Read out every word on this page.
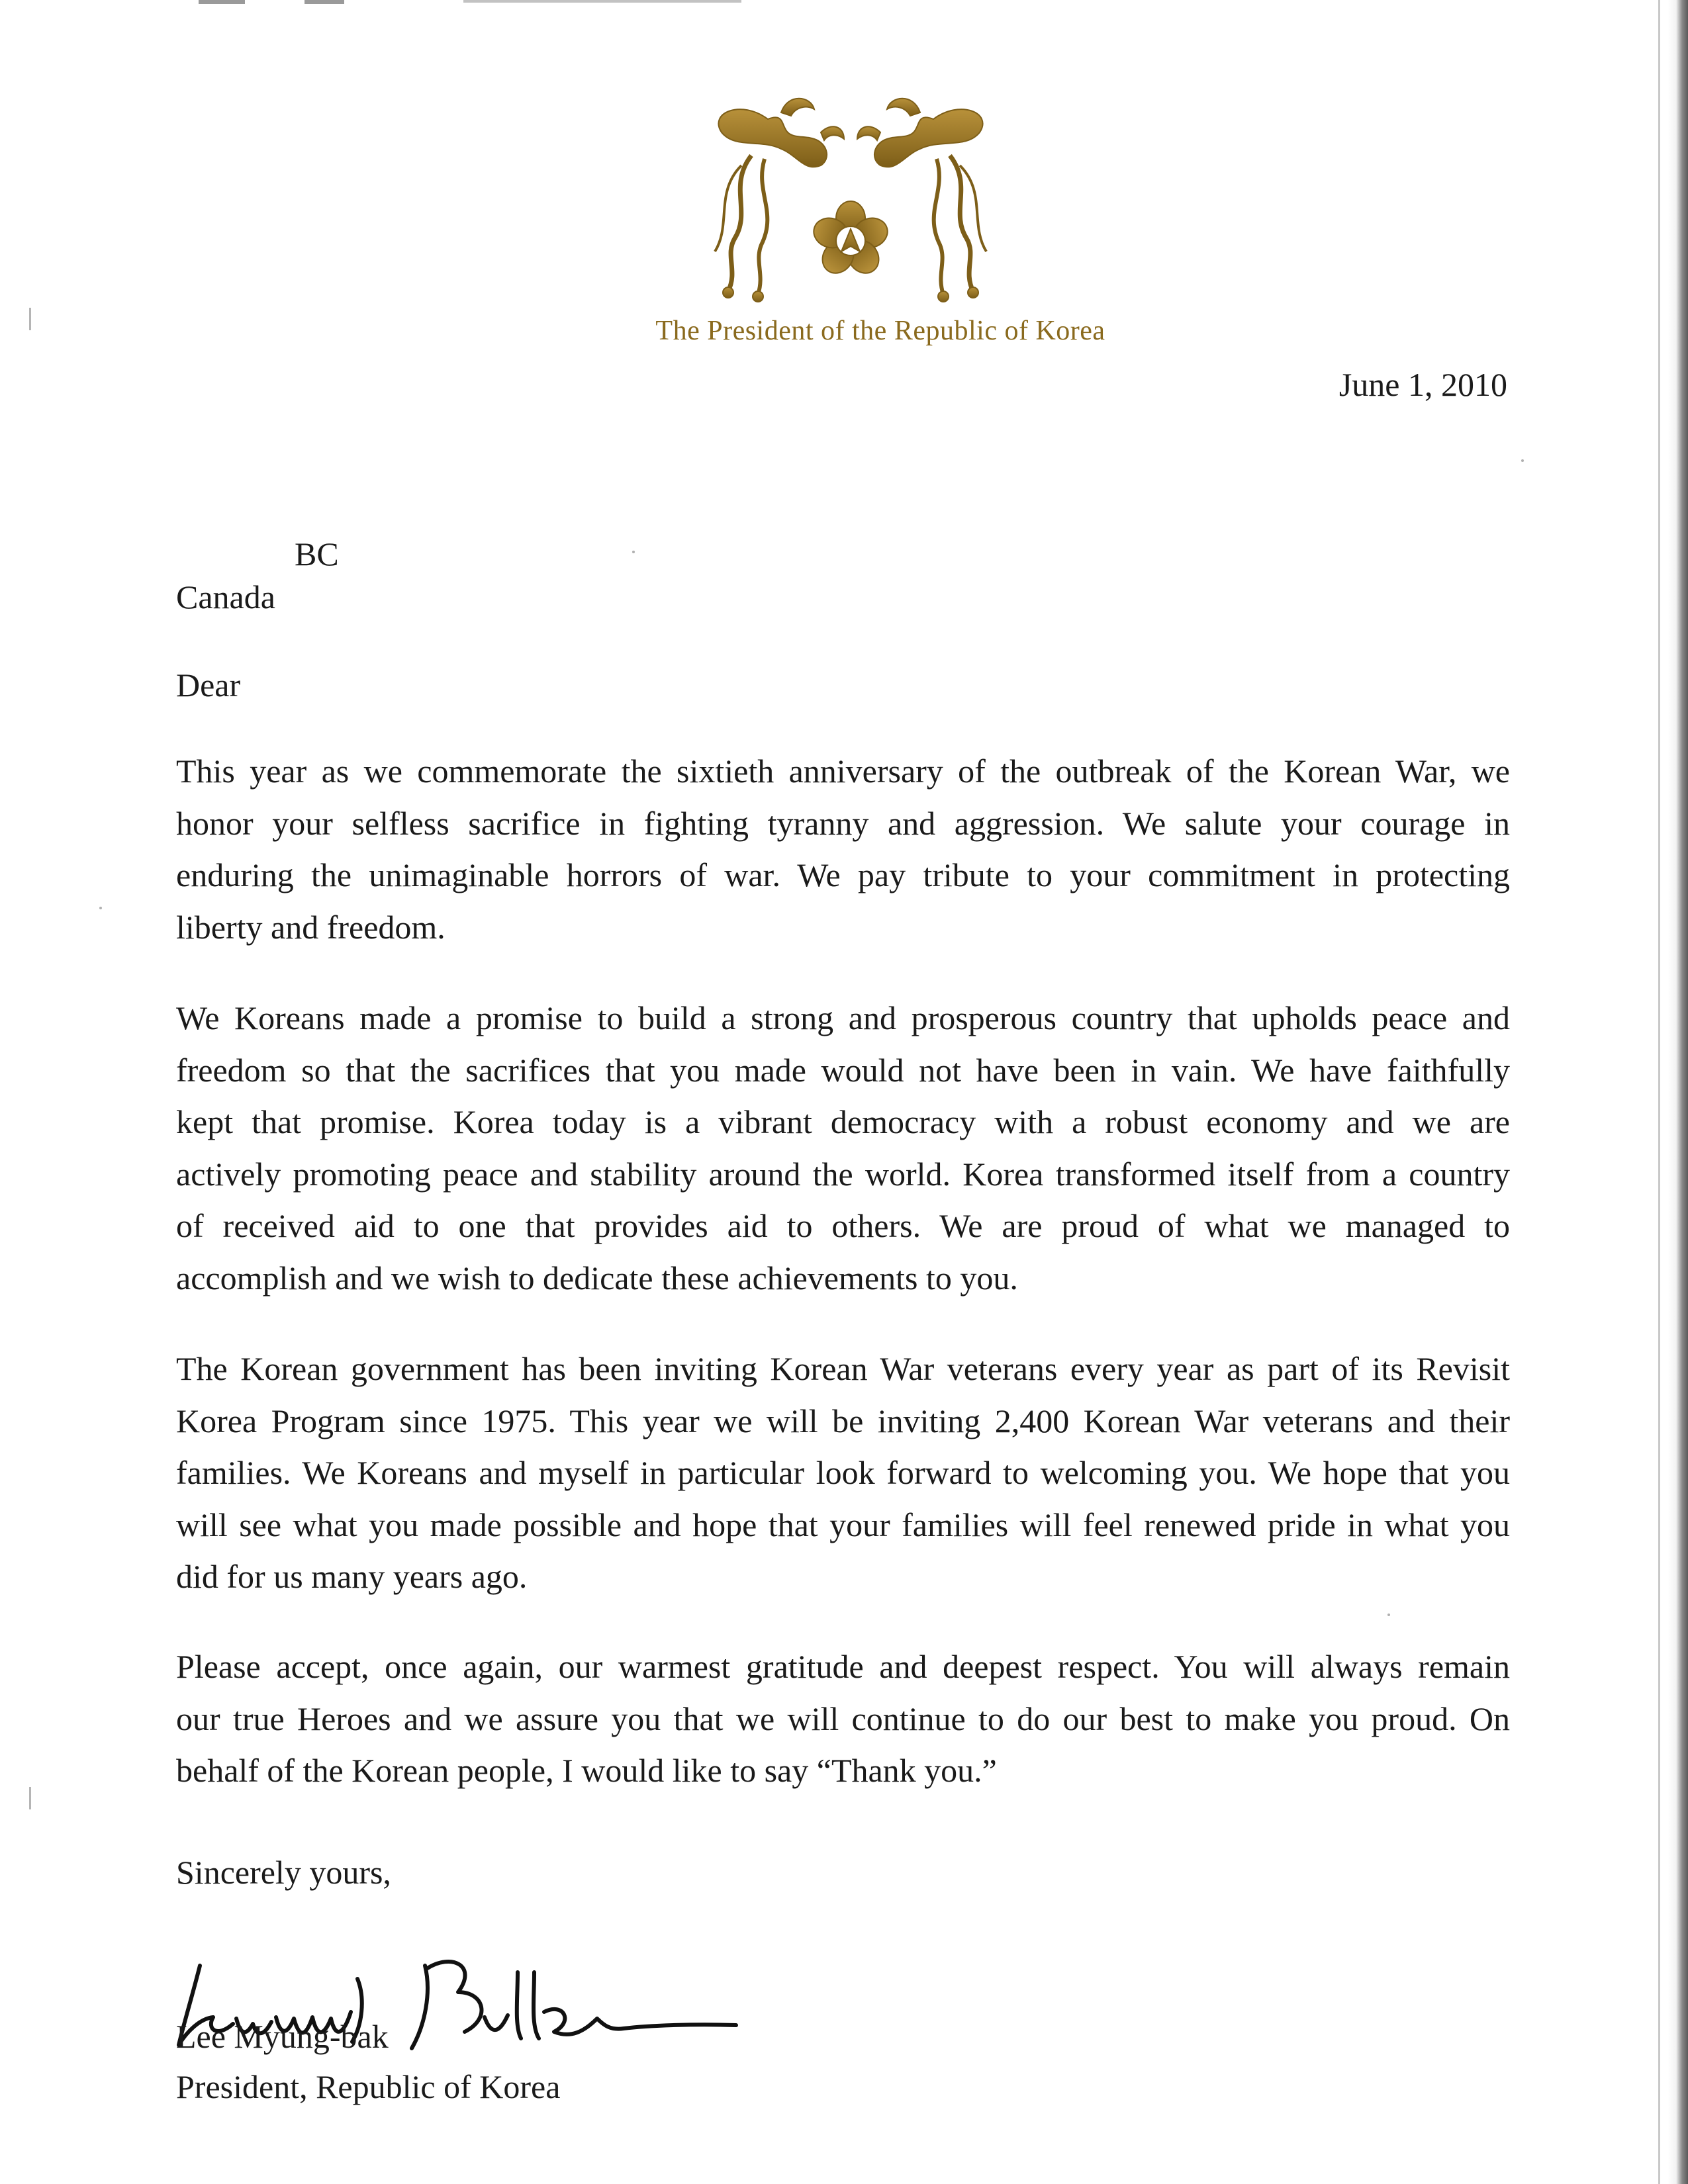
The President of the Republic of Korea
June 1, 2010
BC
Canada
Dear
This year as we commemorate the sixtieth anniversary of the outbreak of the Korean War, we
honor your selfless sacrifice in fighting tyranny and aggression. We salute your courage in
enduring the unimaginable horrors of war. We pay tribute to your commitment in protecting
liberty and freedom.
We Koreans made a promise to build a strong and prosperous country that upholds peace and
freedom so that the sacrifices that you made would not have been in vain. We have faithfully
kept that promise. Korea today is a vibrant democracy with a robust economy and we are
actively promoting peace and stability around the world. Korea transformed itself from a country
of received aid to one that provides aid to others. We are proud of what we managed to
accomplish and we wish to dedicate these achievements to you.
The Korean government has been inviting Korean War veterans every year as part of its Revisit
Korea Program since 1975. This year we will be inviting 2,400 Korean War veterans and their
families. We Koreans and myself in particular look forward to welcoming you. We hope that you
will see what you made possible and hope that your families will feel renewed pride in what you
did for us many years ago.
Please accept, once again, our warmest gratitude and deepest respect. You will always remain
our true Heroes and we assure you that we will continue to do our best to make you proud. On
behalf of the Korean people, I would like to say “Thank you.”
Sincerely yours,
Lee Myung-bak
President, Republic of Korea
